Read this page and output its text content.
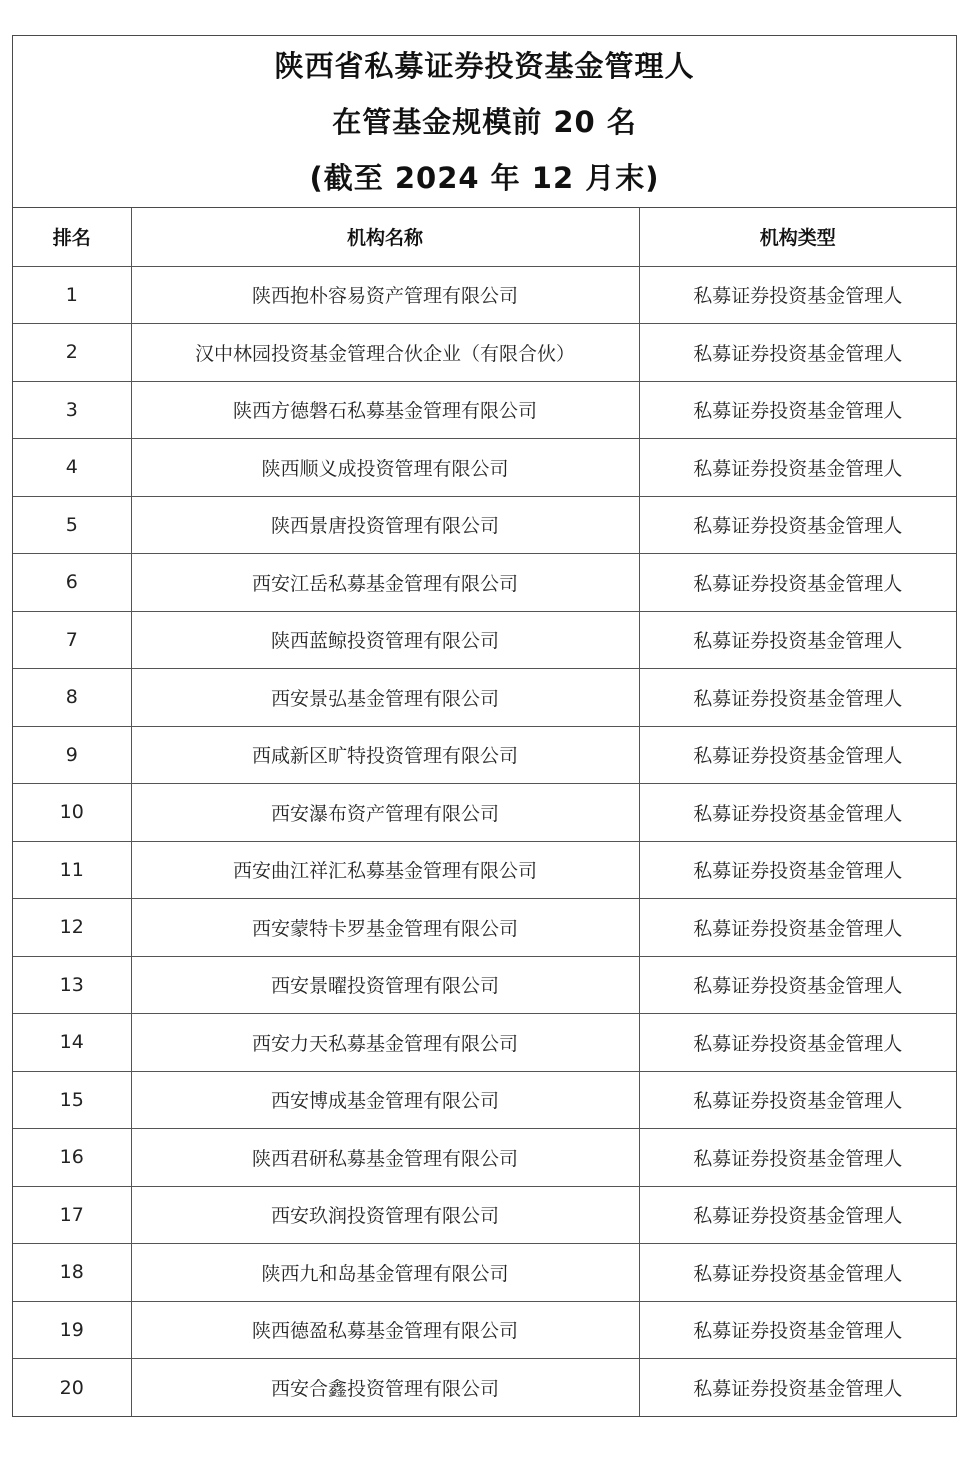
陕西省私募证券投资基金管理人
在管基金规模前 20 名
(截至 2024 年 12 月末)
排名	机构名称	机构类型
1	陕西抱朴容易资产管理有限公司	私募证券投资基金管理人
2	汉中林园投资基金管理合伙企业（有限合伙）	私募证券投资基金管理人
3	陕西方德磐石私募基金管理有限公司	私募证券投资基金管理人
4	陕西顺义成投资管理有限公司	私募证券投资基金管理人
5	陕西景唐投资管理有限公司	私募证券投资基金管理人
6	西安江岳私募基金管理有限公司	私募证券投资基金管理人
7	陕西蓝鲸投资管理有限公司	私募证券投资基金管理人
8	西安景弘基金管理有限公司	私募证券投资基金管理人
9	西咸新区旷特投资管理有限公司	私募证券投资基金管理人
10	西安瀑布资产管理有限公司	私募证券投资基金管理人
11	西安曲江祥汇私募基金管理有限公司	私募证券投资基金管理人
12	西安蒙特卡罗基金管理有限公司	私募证券投资基金管理人
13	西安景曜投资管理有限公司	私募证券投资基金管理人
14	西安力天私募基金管理有限公司	私募证券投资基金管理人
15	西安博成基金管理有限公司	私募证券投资基金管理人
16	陕西君研私募基金管理有限公司	私募证券投资基金管理人
17	西安玖润投资管理有限公司	私募证券投资基金管理人
18	陕西九和岛基金管理有限公司	私募证券投资基金管理人
19	陕西德盈私募基金管理有限公司	私募证券投资基金管理人
20	西安合鑫投资管理有限公司	私募证券投资基金管理人
